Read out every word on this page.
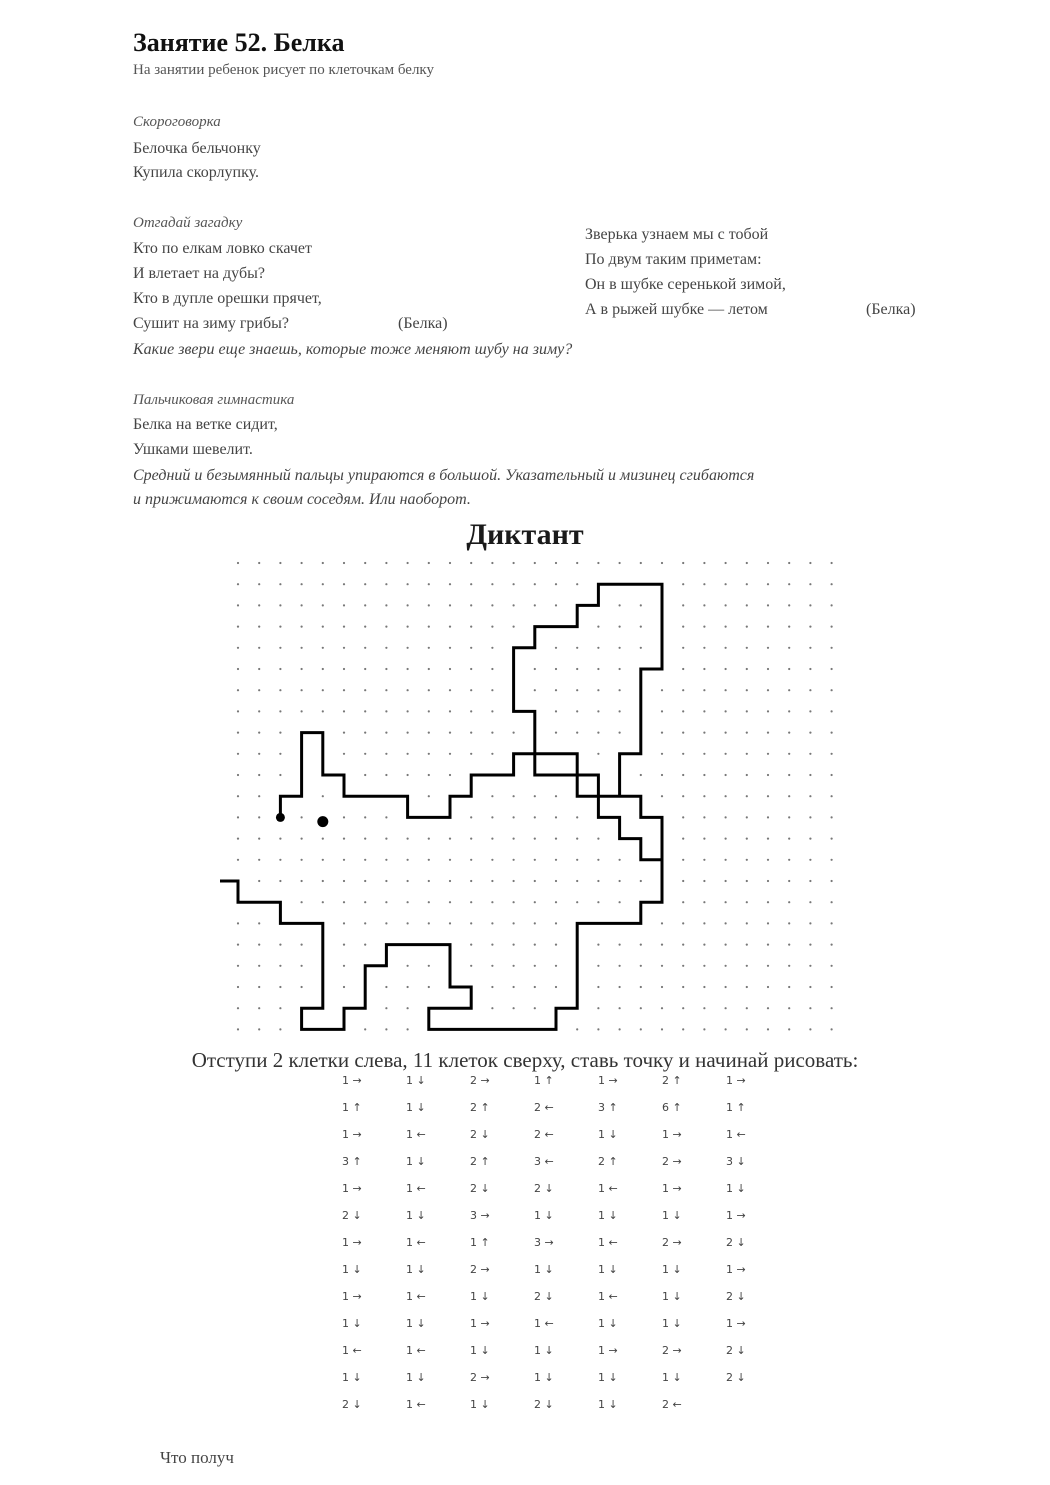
Занятие 52. Белка
На занятии ребенок рисует по клеточкам белку
Скороговорка
Белочка бельчонку
Купила скорлупку.
Отгадай загадку
Кто по елкам ловко скачет
И влетает на дубы?
Кто в дупле орешки прячет,
Сушит на зиму грибы?	(Белка)
Зверька узнаем мы с тобой
По двум таким приметам:
Он в шубке серенькой зимой,
А в рыжей шубке — летом	(Белка)
Какие звери еще знаешь, которые тоже меняют шубу на зиму?
Пальчиковая гимнастика
Белка на ветке сидит,
Ушками шевелит.
Средний и безымянный пальцы упираются в большой. Указательный и мизинец сгибаются
и прижимаются к своим соседям. Или наоборот.
Диктант
Отступи 2 клетки слева, 11 клеток сверху, ставь точку и начинай рисовать:
1 →	1 ↓	2 →	1 ↑	1 →	2 ↑	1 →
1 ↑	1 ↓	2 ↑	2 ←	3 ↑	6 ↑	1 ↑
1 →	1 ←	2 ↓	2 ←	1 ↓	1 →	1 ←
3 ↑	1 ↓	2 ↑	3 ←	2 ↑	2 →	3 ↓
1 →	1 ←	2 ↓	2 ↓	1 ←	1 →	1 ↓
2 ↓	1 ↓	3 →	1 ↓	1 ↓	1 ↓	1 →
1 →	1 ←	1 ↑	3 →	1 ←	2 →	2 ↓
1 ↓	1 ↓	2 →	1 ↓	1 ↓	1 ↓	1 →
1 →	1 ←	1 ↓	2 ↓	1 ←	1 ↓	2 ↓
1 ↓	1 ↓	1 →	1 ←	1 ↓	1 ↓	1 →
1 ←	1 ←	1 ↓	1 ↓	1 →	2 →	2 ↓
1 ↓	1 ↓	2 →	1 ↓	1 ↓	1 ↓	2 ↓
2 ↓	1 ←	1 ↓	2 ↓	1 ↓	2 ←
Что получ
